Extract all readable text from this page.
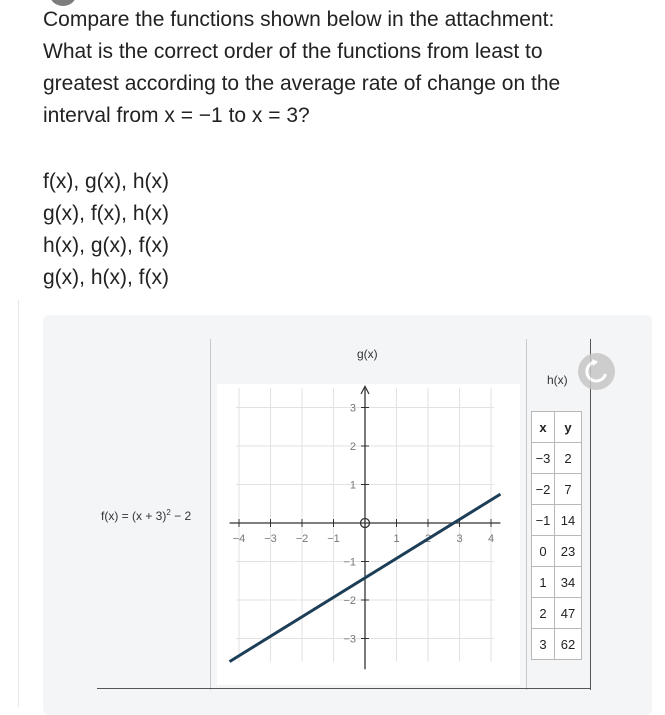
Compare the functions shown below in the attachment:
What is the correct order of the functions from least to
greatest according to the average rate of change on the
interval from x = −1 to x = 3?
f(x), g(x), h(x)
g(x), f(x), h(x)
h(x), g(x), f(x)
g(x), h(x), f(x)
$f(x) = (x + 3)^2 - 2$
g(x)
−4 −3 −2 −1	1	3 4
3
2
1
−1
−2
−3
h(x)
x	y
−3	2
−2	7
−1	14
0	23
1	34
2	47
3	62
